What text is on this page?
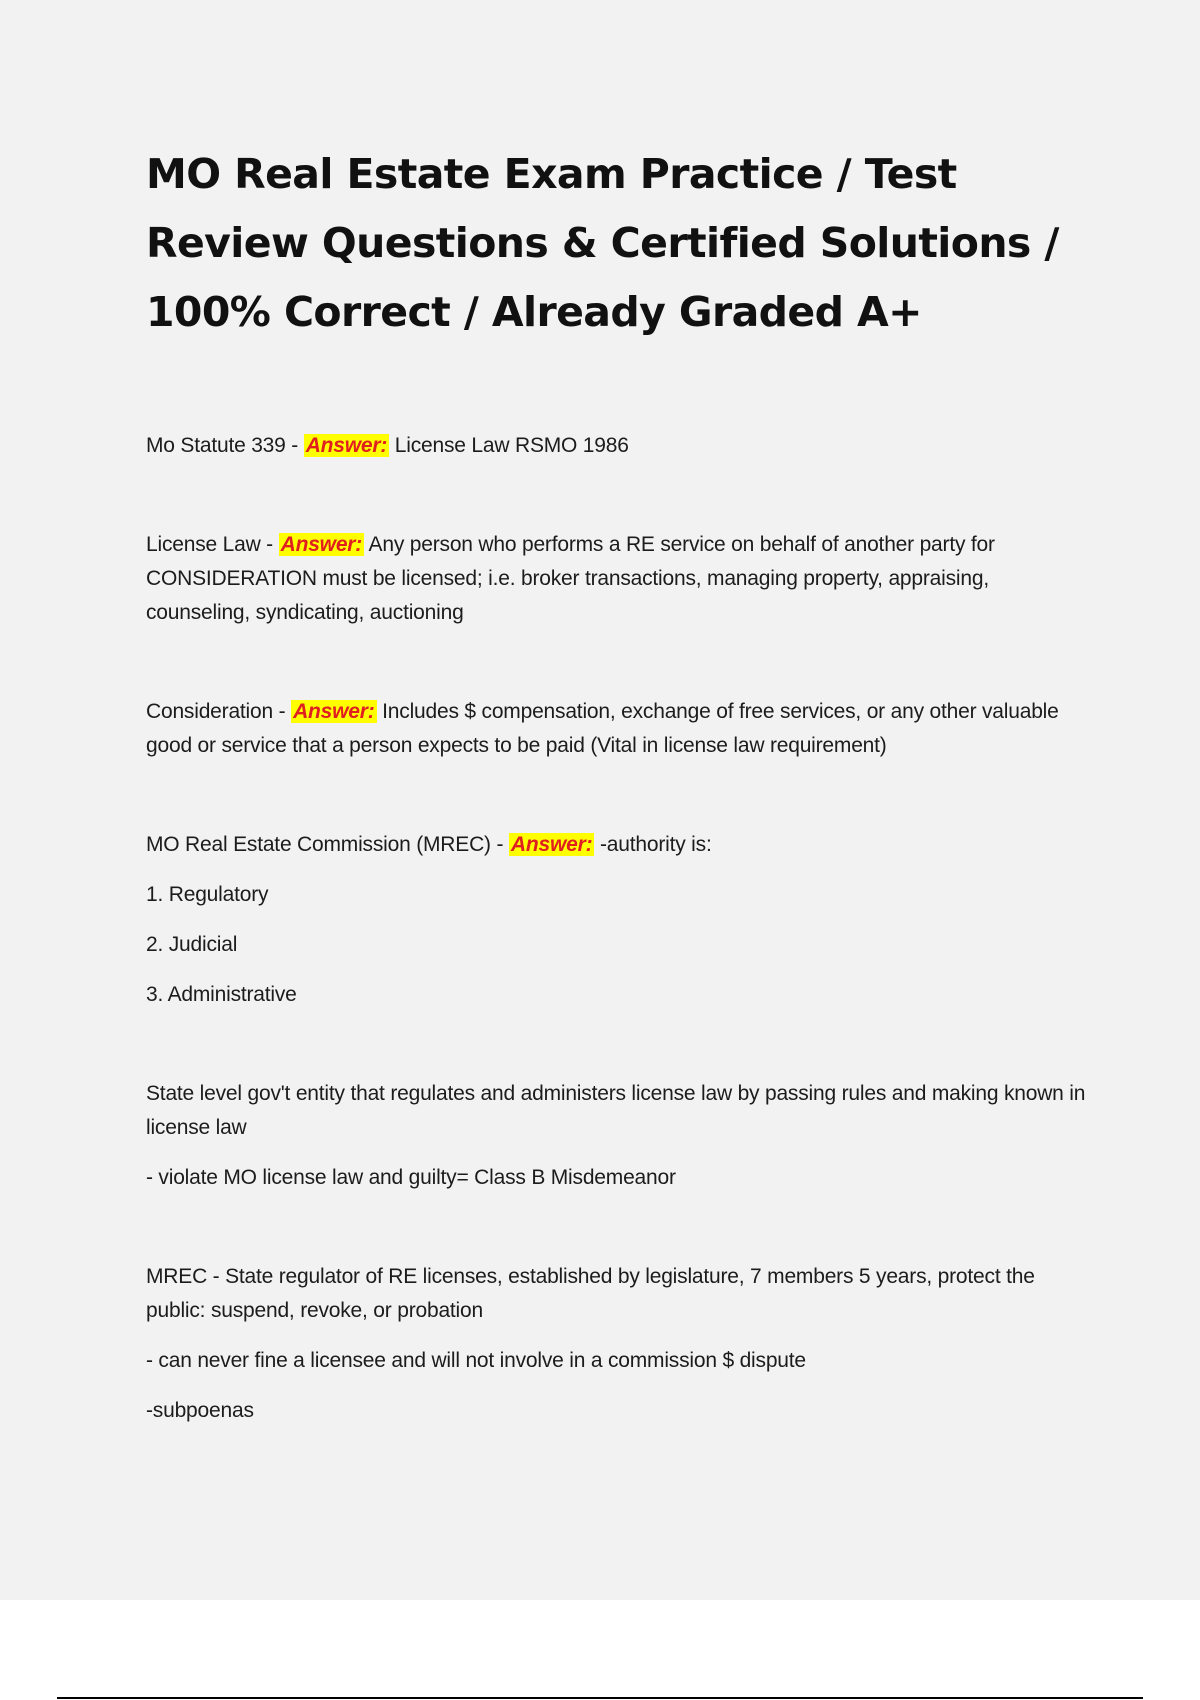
MO Real Estate Exam Practice / Test Review Questions & Certified Solutions / 100% Correct / Already Graded A+

Mo Statute 339 - Answer: License Law RSMO 1986

License Law - Answer: Any person who performs a RE service on behalf of another party for CONSIDERATION must be licensed; i.e. broker transactions, managing property, appraising, counseling, syndicating, auctioning

Consideration - Answer: Includes $ compensation, exchange of free services, or any other valuable good or service that a person expects to be paid (Vital in license law requirement)

MO Real Estate Commission (MREC) - Answer: -authority is:

1. Regulatory

2. Judicial

3. Administrative

State level gov't entity that regulates and administers license law by passing rules and making known in license law

- violate MO license law and guilty= Class B Misdemeanor

MREC - State regulator of RE licenses, established by legislature, 7 members 5 years, protect the public: suspend, revoke, or probation

- can never fine a licensee and will not involve in a commission $ dispute

-subpoenas
